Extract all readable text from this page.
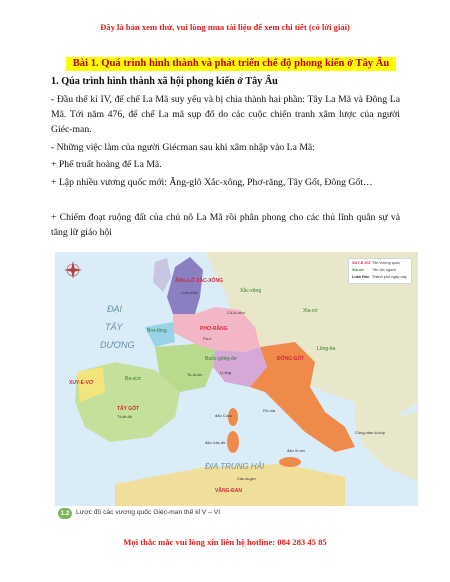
Đây là bản xem thử, vui lòng mua tài liệu để xem chi tiết (có lời giải)
Bài 1. Quá trình hình thành và phát triển chế độ phong kiến ở Tây Âu
1. Qúa trình hình thành xã hội phong kiến ở Tây Âu
- Đầu thế kỉ IV, đế chế La Mã suy yếu và bị chia thành hai phần: Tây La Mã và Đông La Mã. Tới năm 476, đế chế La mã sụp đổ do các cuộc chiến tranh xâm lược của người Giéc-man.
- Những việc làm của người Giécman sau khi xâm nhập vào La Mã:
+ Phế truất hoàng đế La Mã.
+ Lập nhiều vương quốc mới: Ăng-glô Xắc-xông, Phơ-răng, Tây Gốt, Đông Gốt…
+ Chiếm đoạt ruộng đất của chủ nô La Mã rồi phân phong cho các thủ lĩnh quân sự và tăng lữ giáo hội
ĐẠI
TÂY
DƯƠNG
ĐỊA TRUNG HẢI
ĂNG-LÔ XẮC-XÔNG
Luân Đôn	Xắc-xông
PHƠ-RĂNG
Cô-lô-nhơ
Pa-ri
Brơ-tông
Xla-vơ
Lông-ba
Buốc-gông-đơ	ĐÔNG GỐT
Li-ông
Tu-lu-dơ
XUY-E-VƠ
Ba-xcơ
TÂY GỐT
Tô-lê-đô
Rô-ma
đảo Coóc
đảo Xác-đe
đảo Xi-xin
Công-xtan-ti-nốp
VĂNG-ĐAN
Các-ta-giơ
XUY-E-VƠ Tên vương quốc
Xla-vơ Tên tộc người
Luân Đôn Thành phố ngày nay
1.2 Lược đồ các vương quốc Giéc-man thế kỉ V – VI
Mọi thắc mắc vui lòng xin liên hệ hotline: 084 283 45 85
